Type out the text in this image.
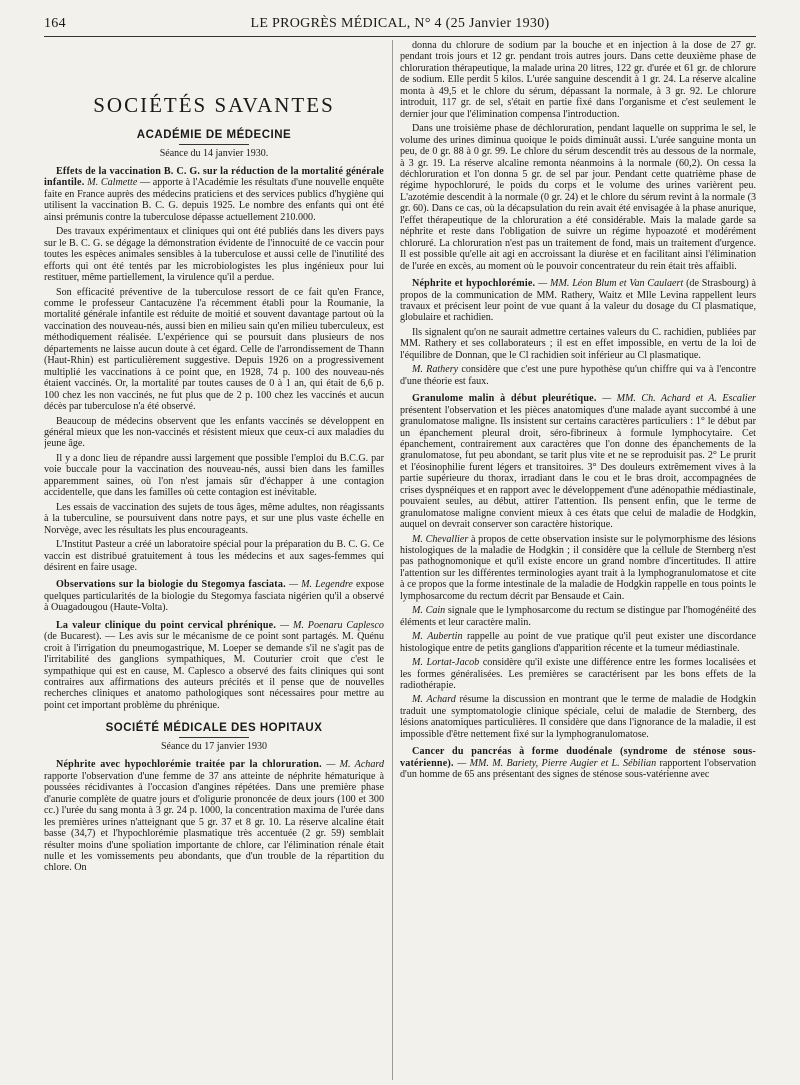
164	LE PROGRÈS MÉDICAL, N° 4 (25 Janvier 1930)
SOCIÉTÉS SAVANTES
ACADÉMIE DE MÉDECINE
Séance du 14 janvier 1930.

Effets de la vaccination B. C. G. sur la réduction de la mortalité générale infantile. M. Calmette — apporte à l'Académie les résultats d'une nouvelle enquête faite en France auprès des médecins praticiens et des services publics d'hygiène qui utilisent la vaccination B. C. G. depuis 1925. Le nombre des enfants qui ont été ainsi prémunis contre la tuberculose dépasse actuellement 210.000.

Des travaux expérimentaux et cliniques qui ont été publiés dans les divers pays sur le B. C. G. se dégage la démonstration évidente de l'innocuité de ce vaccin pour toutes les espèces animales sensibles à la tuberculose et aussi celle de l'inutilité des efforts qui ont été tentés par les microbiologistes les plus ingénieux pour lui restituer, même partiellement, la virulence qu'il a perdue.

Son efficacité préventive de la tuberculose ressort de ce fait qu'en France, comme le professeur Cantacuzène l'a récemment établi pour la Roumanie, la mortalité générale infantile est réduite de moitié et souvent davantage partout où la vaccination des nouveau-nés, aussi bien en milieu sain qu'en milieu tuberculeux, est méthodiquement réalisée. L'expérience qui se poursuit dans plusieurs de nos départements ne laisse aucun doute à cet égard. Celle de l'arrondissement de Thann (Haut-Rhin) est particulièrement suggestive. Depuis 1926 on a progressivement multiplié les vaccinations à ce point que, en 1928, 74 p. 100 des nouveau-nés étaient vaccinés. Or, la mortalité par toutes causes de 0 à 1 an, qui était de 6,6 p. 100 chez les non vaccinés, ne fut plus que de 2 p. 100 chez les vaccinés et aucun décès par tuberculose n'a été observé.

Beaucoup de médecins observent que les enfants vaccinés se développent en général mieux que les non-vaccinés et résistent mieux que ceux-ci aux maladies du jeune âge.

Il y a donc lieu de répandre aussi largement que possible l'emploi du B.C.G. par voie buccale pour la vaccination des nouveau-nés, aussi bien dans les familles apparemment saines, où l'on n'est jamais sûr d'échapper à une contagion accidentelle, que dans les familles où cette contagion est inévitable.

Les essais de vaccination des sujets de tous âges, même adultes, non réagissants à la tuberculine, se poursuivent dans notre pays, et sur une plus vaste échelle en Norvège, avec les résultats les plus encourageants.

L'Institut Pasteur a créé un laboratoire spécial pour la préparation du B. C. G. Ce vaccin est distribué gratuitement à tous les médecins et aux sages-femmes qui désirent en faire usage.

Observations sur la biologie du Stegomya fasciata. — M. Legendre expose quelques particularités de la biologie du Stegomya fasciata nigérien qu'il a observé à Ouagadougou (Haute-Volta).

La valeur clinique du point cervical phrénique. — M. Poenaru Caplesco (de Bucarest). — Les avis sur le mécanisme de ce point sont partagés. M. Quénu croit à l'irrigation du pneumogastrique, M. Loeper se demande s'il ne s'agit pas de l'irritabilité des ganglions sympathiques, M. Couturier croit que c'est le sympathique qui est en cause, M. Caplesco a observé des faits cliniques qui sont contraires aux affirmations des auteurs précités et il pense que de nouvelles recherches cliniques et anatomo pathologiques sont nécessaires pour mettre au point cet important problème du phrénique.

SOCIÉTÉ MÉDICALE DES HOPITAUX
Séance du 17 janvier 1930

Néphrite avec hypochlorémie traitée par la chloruration. — M. Achard rapporte l'observation d'une femme de 37 ans atteinte de néphrite hématurique à poussées récidivantes à l'occasion d'angines répétées. Dans une première phase d'anurie complète de quatre jours et d'oligurie prononcée de deux jours (100 et 300 cc.) l'urée du sang monta à 3 gr. 24 p. 1000, la concentration maxima de l'urée dans les premières urines n'atteignant que 5 gr. 37 et 8 gr. 10. La réserve alcaline était basse (34,7) et l'hypochlorémie plasmatique très accentuée (2 gr. 59) semblait résulter moins d'une spoliation importante de chlore, car l'élimination rénale était nulle et les vomissements peu abondants, que d'un trouble de la répartition du chlore. On

donna du chlorure de sodium par la bouche et en injection à la dose de 27 gr. pendant trois jours et 12 gr. pendant trois autres jours. Dans cette deuxième phase de chloruration thérapeutique, la malade urina 20 litres, 122 gr. d'urée et 61 gr. de chlorure de sodium. Elle perdit 5 kilos. L'urée sanguine descendit à 1 gr. 24. La réserve alcaline monta à 49,5 et le chlore du sérum, dépassant la normale, à 3 gr. 92. Le chlorure introduit, 117 gr. de sel, s'était en partie fixé dans l'organisme et c'est seulement le dernier jour que l'élimination compensa l'introduction.

Dans une troisième phase de déchloruration, pendant laquelle on supprima le sel, le volume des urines diminua quoique le poids diminuât aussi. L'urée sanguine monta un peu, de 0 gr. 88 à 0 gr. 99. Le chlore du sérum descendit très au dessous de la normale, à 3 gr. 19. La réserve alcaline remonta néanmoins à la normale (60,2). On cessa la déchloruration et l'on donna 5 gr. de sel par jour. Pendant cette quatrième phase de régime hypochloruré, le poids du corps et le volume des urines varièrent peu. L'azotémie descendit à la normale (0 gr. 24) et le chlore du sérum revint à la normale (3 gr. 60). Dans ce cas, où la décapsulation du rein avait été envisagée à la phase anurique, l'effet thérapeutique de la chloruration a été considérable. Mais la malade garde sa néphrite et reste dans l'obligation de suivre un régime hypoazoté et modérément chloruré. La chloruration n'est pas un traitement de fond, mais un traitement d'urgence. Il est possible qu'elle ait agi en accroissant la diurèse et en facilitant ainsi l'élimination de l'urée en excès, au moment où le pouvoir concentrateur du rein était très affaibli.

Néphrite et hypochlorémie. — MM. Léon Blum et Van Caulaert (de Strasbourg) à propos de la communication de MM. Rathery, Waitz et Mlle Levina rappellent leurs travaux et précisent leur point de vue quant à la valeur du dosage du Cl plasmatique, globulaire et rachidien.

Ils signalent qu'on ne saurait admettre certaines valeurs du C. rachidien, publiées par MM. Rathery et ses collaborateurs ; il est en effet impossible, en vertu de la loi de l'équilibre de Donnan, que le Cl rachidien soit inférieur au Cl plasmatique.

M. Rathery considère que c'est une pure hypothèse qu'un chiffre qui va à l'encontre d'une théorie est faux.

Granulome malin à début pleurétique. — MM. Ch. Achard et A. Escalier présentent l'observation et les pièces anatomiques d'une malade ayant succombé à une granulomatose maligne. Ils insistent sur certains caractères particuliers : 1° le début par un épanchement pleural droit, séro-fibrineux à formule lymphocytaire. Cet épanchement, contrairement aux caractères que l'on donne des épanchements de la granulomatose, fut peu abondant, se tarit plus vite et ne se reproduisit pas. 2° Le prurit et l'éosinophilie furent légers et transitoires. 3° Des douleurs extrêmement vives à la partie supérieure du thorax, irradiant dans le cou et le bras droit, accompagnées de crises dyspnéiques et en rapport avec le développement d'une adénopathie médiastinale, pouvaient seules, au début, attirer l'attention. Ils pensent enfin, que le terme de granulomatose maligne convient mieux à ces états que celui de maladie de Hodgkin, auquel on devrait conserver son caractère historique.

M. Chevallier à propos de cette observation insiste sur le polymorphisme des lésions histologiques de la maladie de Hodgkin ; il considère que la cellule de Sternberg n'est pas pathognomonique et qu'il existe encore un grand nombre d'incertitudes. Il attire l'attention sur les différentes terminologies ayant trait à la lymphogranulomatose et cite à ce propos que la forme intestinale de la maladie de Hodgkin rappelle en tous points le lymphosarcome du rectum décrit par Bensaude et Cain.

M. Cain signale que le lymphosarcome du rectum se distingue par l'homogénéité des éléments et leur caractère malin.

M. Aubertin rappelle au point de vue pratique qu'il peut exister une discordance histologique entre de petits ganglions d'apparition récente et la tumeur médiastinale.

M. Lortat-Jacob considère qu'il existe une différence entre les formes localisées et les formes généralisées. Les premières se caractérisent par les bons effets de la radiothérapie.

M. Achard résume la discussion en montrant que le terme de maladie de Hodgkin traduit une symptomatologie clinique spéciale, celui de maladie de Sternberg, des lésions anatomiques particulières. Il considère que dans l'ignorance de la maladie, il est impossible d'être nettement fixé sur la lymphogranulomatose.

Cancer du pancréas à forme duodénale (syndrome de sténose sous-vatérienne). — MM. M. Bariety, Pierre Augier et L. Sébilian rapportent l'observation d'un homme de 65 ans présentant des signes de sténose sous-vatérienne avec
